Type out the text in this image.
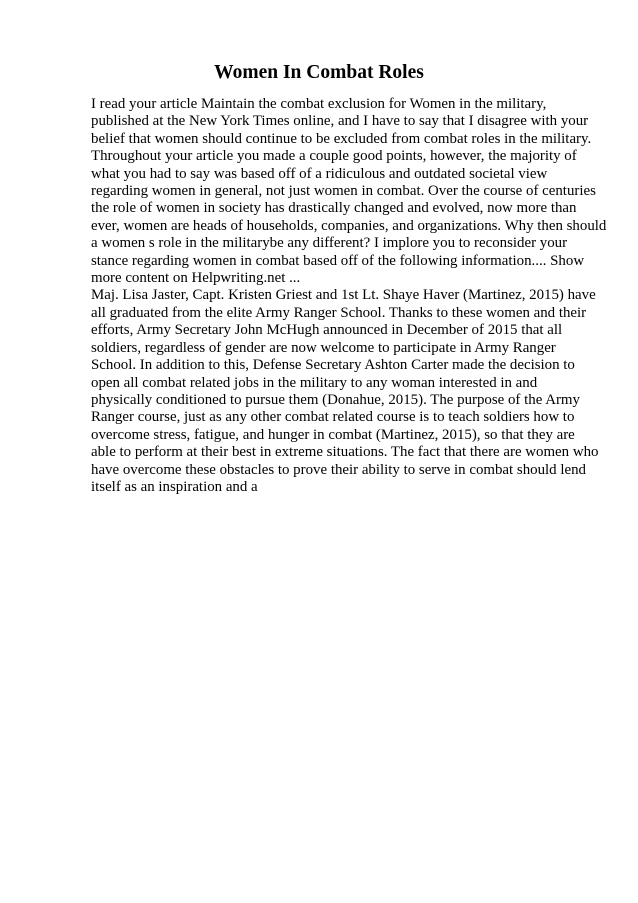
Women In Combat Roles
I read your article Maintain the combat exclusion for Women in the military,
published at the New York Times online, and I have to say that I disagree with your
belief that women should continue to be excluded from combat roles in the military.
Throughout your article you made a couple good points, however, the majority of
what you had to say was based off of a ridiculous and outdated societal view
regarding women in general, not just women in combat. Over the course of centuries
the role of women in society has drastically changed and evolved, now more than
ever, women are heads of households, companies, and organizations. Why then should
a women s role in the militarybe any different? I implore you to reconsider your
stance regarding women in combat based off of the following information.... Show
more content on Helpwriting.net ...
Maj. Lisa Jaster, Capt. Kristen Griest and 1st Lt. Shaye Haver (Martinez, 2015) have
all graduated from the elite Army Ranger School. Thanks to these women and their
efforts, Army Secretary John McHugh announced in December of 2015 that all
soldiers, regardless of gender are now welcome to participate in Army Ranger
School. In addition to this, Defense Secretary Ashton Carter made the decision to
open all combat related jobs in the military to any woman interested in and
physically conditioned to pursue them (Donahue, 2015). The purpose of the Army
Ranger course, just as any other combat related course is to teach soldiers how to
overcome stress, fatigue, and hunger in combat (Martinez, 2015), so that they are
able to perform at their best in extreme situations. The fact that there are women who
have overcome these obstacles to prove their ability to serve in combat should lend
itself as an inspiration and a
